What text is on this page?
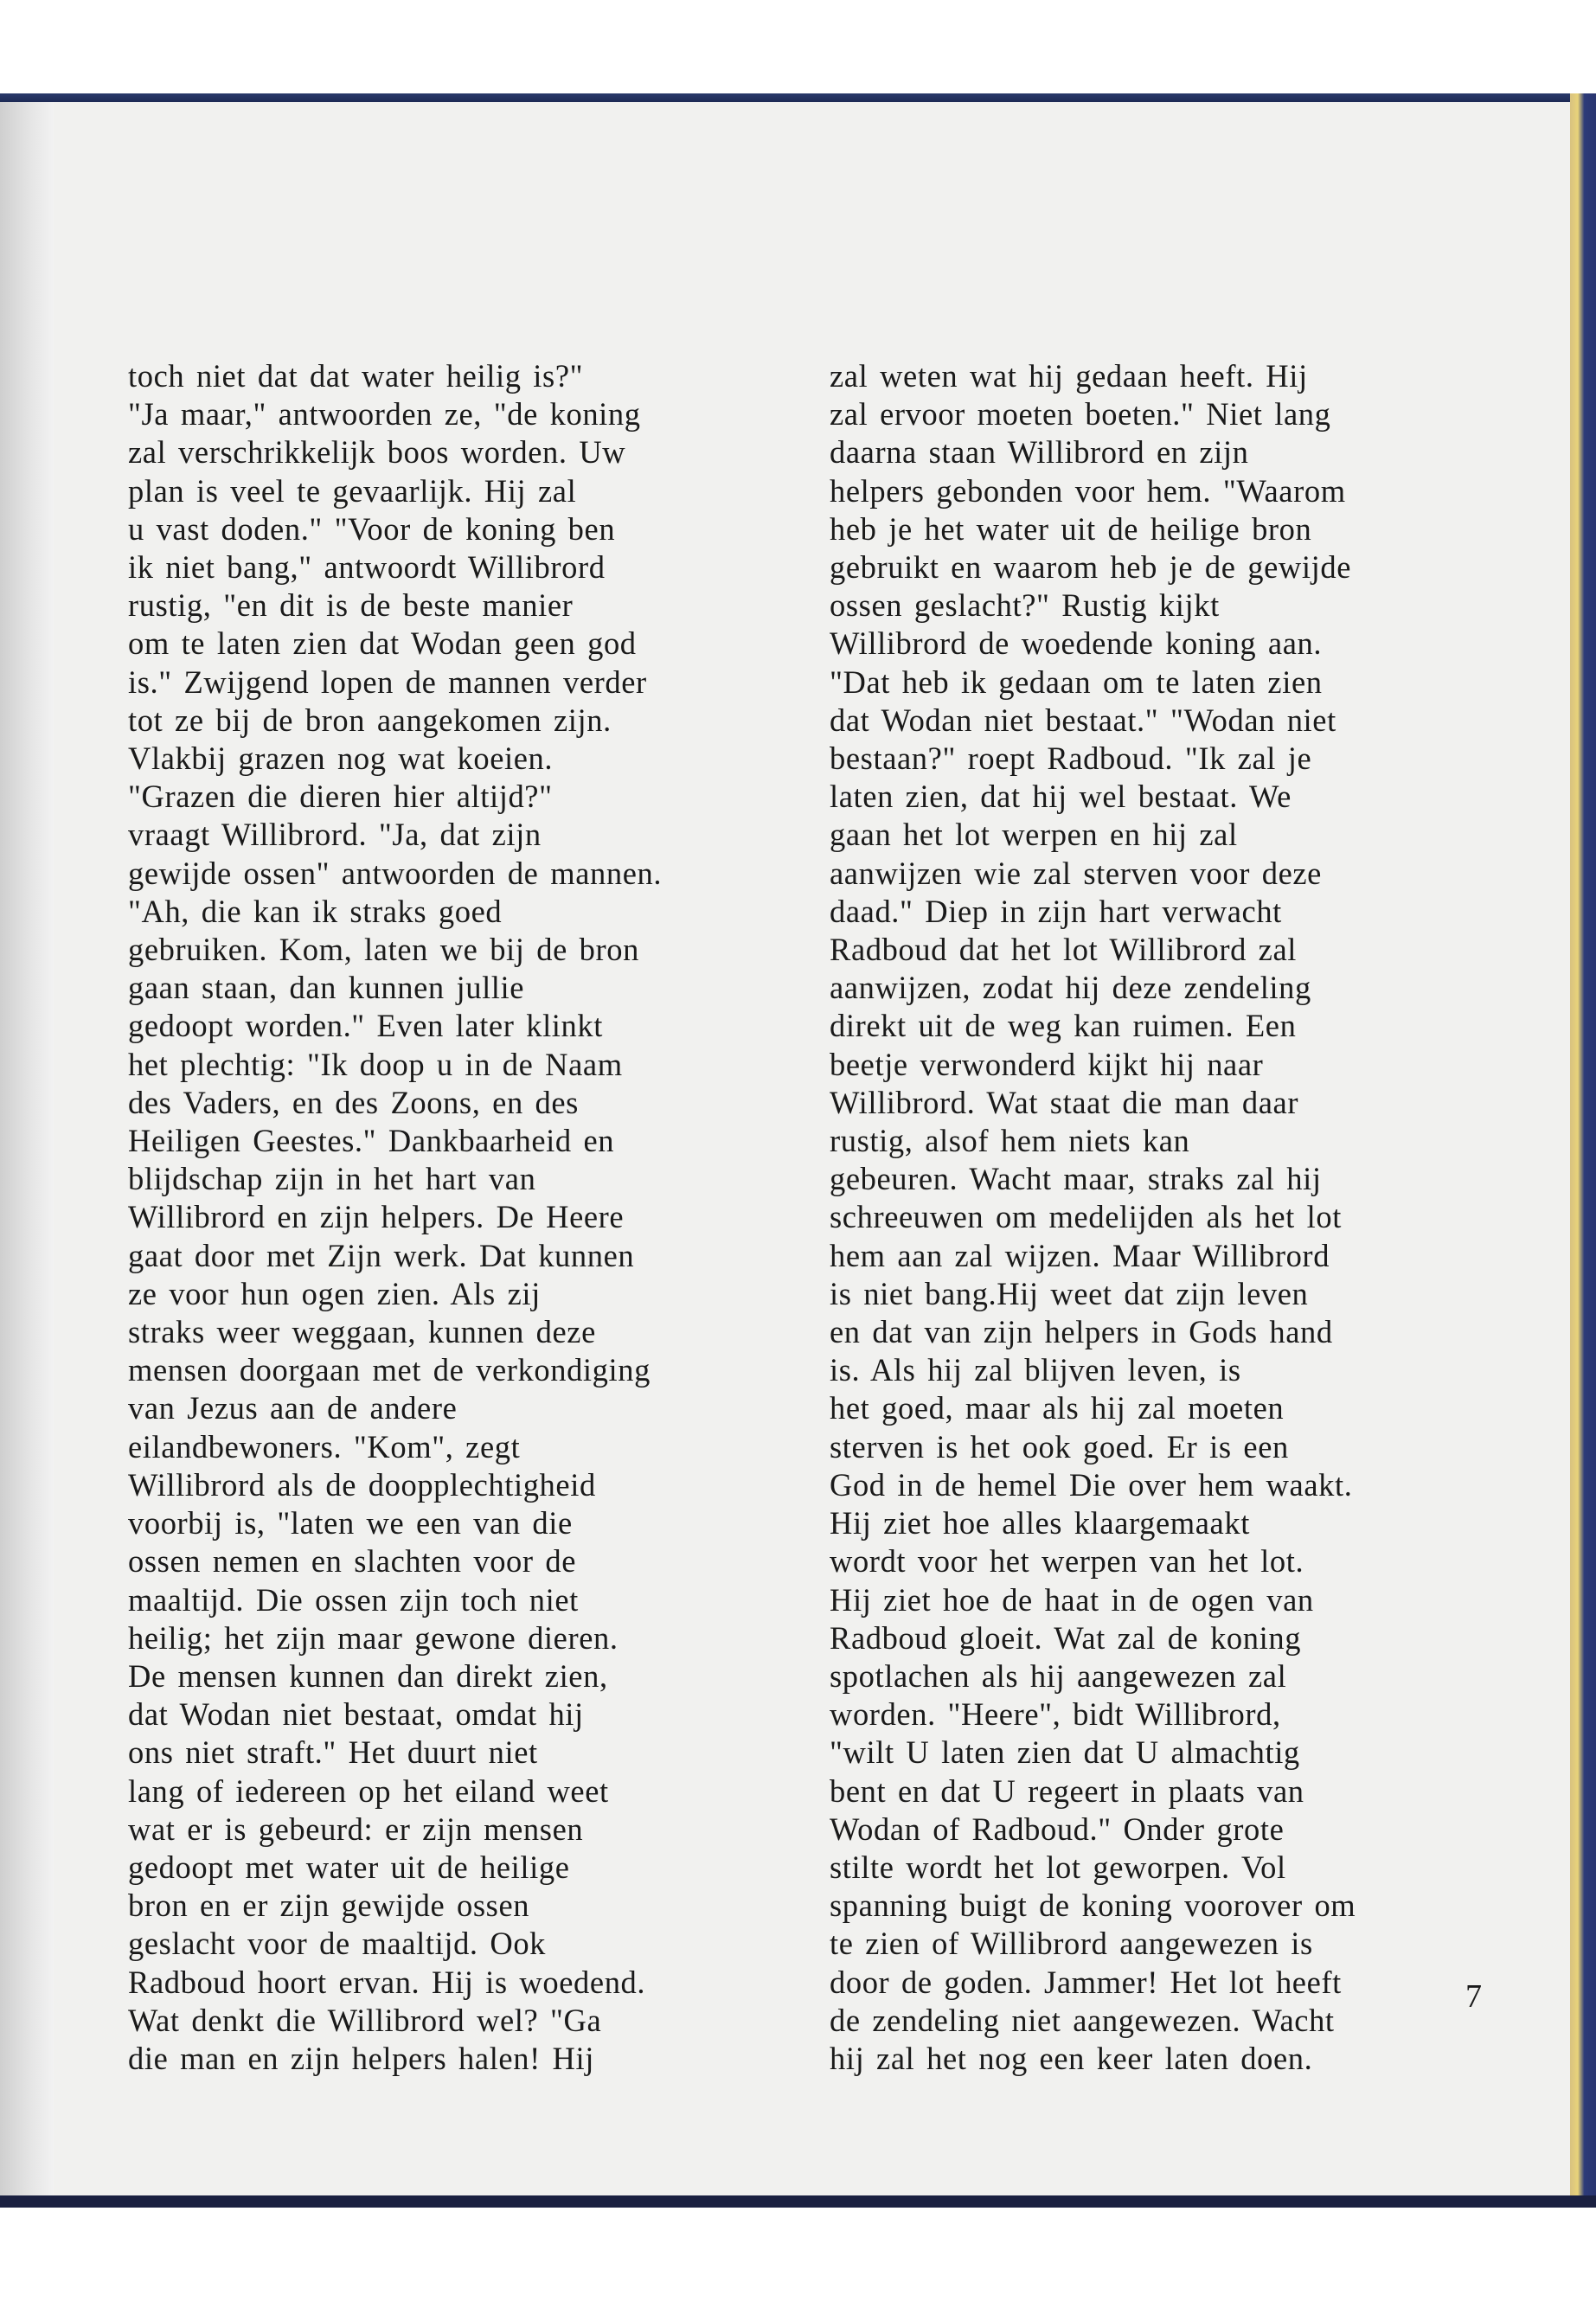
toch niet dat dat water heilig is?"
"Ja maar," antwoorden ze, "de koning
zal verschrikkelijk boos worden. Uw
plan is veel te gevaarlijk. Hij zal
u vast doden." "Voor de koning ben
ik niet bang," antwoordt Willibrord
rustig, "en dit is de beste manier
om te laten zien dat Wodan geen god
is." Zwijgend lopen de mannen verder
tot ze bij de bron aangekomen zijn.
Vlakbij grazen nog wat koeien.
"Grazen die dieren hier altijd?"
vraagt Willibrord. "Ja, dat zijn
gewijde ossen" antwoorden de mannen.
"Ah, die kan ik straks goed
gebruiken. Kom, laten we bij de bron
gaan staan, dan kunnen jullie
gedoopt worden." Even later klinkt
het plechtig: "Ik doop u in de Naam
des Vaders, en des Zoons, en des
Heiligen Geestes." Dankbaarheid en
blijdschap zijn in het hart van
Willibrord en zijn helpers. De Heere
gaat door met Zijn werk. Dat kunnen
ze voor hun ogen zien. Als zij
straks weer weggaan, kunnen deze
mensen doorgaan met de verkondiging
van Jezus aan de andere
eilandbewoners. "Kom", zegt
Willibrord als de doopplechtigheid
voorbij is, "laten we een van die
ossen nemen en slachten voor de
maaltijd. Die ossen zijn toch niet
heilig; het zijn maar gewone dieren.
De mensen kunnen dan direkt zien,
dat Wodan niet bestaat, omdat hij
ons niet straft." Het duurt niet
lang of iedereen op het eiland weet
wat er is gebeurd: er zijn mensen
gedoopt met water uit de heilige
bron en er zijn gewijde ossen
geslacht voor de maaltijd. Ook
Radboud hoort ervan. Hij is woedend.
Wat denkt die Willibrord wel? "Ga
die man en zijn helpers halen! Hij
zal weten wat hij gedaan heeft. Hij
zal ervoor moeten boeten." Niet lang
daarna staan Willibrord en zijn
helpers gebonden voor hem. "Waarom
heb je het water uit de heilige bron
gebruikt en waarom heb je de gewijde
ossen geslacht?" Rustig kijkt
Willibrord de woedende koning aan.
"Dat heb ik gedaan om te laten zien
dat Wodan niet bestaat." "Wodan niet
bestaan?" roept Radboud. "Ik zal je
laten zien, dat hij wel bestaat. We
gaan het lot werpen en hij zal
aanwijzen wie zal sterven voor deze
daad." Diep in zijn hart verwacht
Radboud dat het lot Willibrord zal
aanwijzen, zodat hij deze zendeling
direkt uit de weg kan ruimen. Een
beetje verwonderd kijkt hij naar
Willibrord. Wat staat die man daar
rustig, alsof hem niets kan
gebeuren. Wacht maar, straks zal hij
schreeuwen om medelijden als het lot
hem aan zal wijzen. Maar Willibrord
is niet bang.Hij weet dat zijn leven
en dat van zijn helpers in Gods hand
is. Als hij zal blijven leven, is
het goed, maar als hij zal moeten
sterven is het ook goed. Er is een
God in de hemel Die over hem waakt.
Hij ziet hoe alles klaargemaakt
wordt voor het werpen van het lot.
Hij ziet hoe de haat in de ogen van
Radboud gloeit. Wat zal de koning
spotlachen als hij aangewezen zal
worden. "Heere", bidt Willibrord,
"wilt U laten zien dat U almachtig
bent en dat U regeert in plaats van
Wodan of Radboud." Onder grote
stilte wordt het lot geworpen. Vol
spanning buigt de koning voorover om
te zien of Willibrord aangewezen is
door de goden. Jammer! Het lot heeft
de zendeling niet aangewezen. Wacht
hij zal het nog een keer laten doen.
7
